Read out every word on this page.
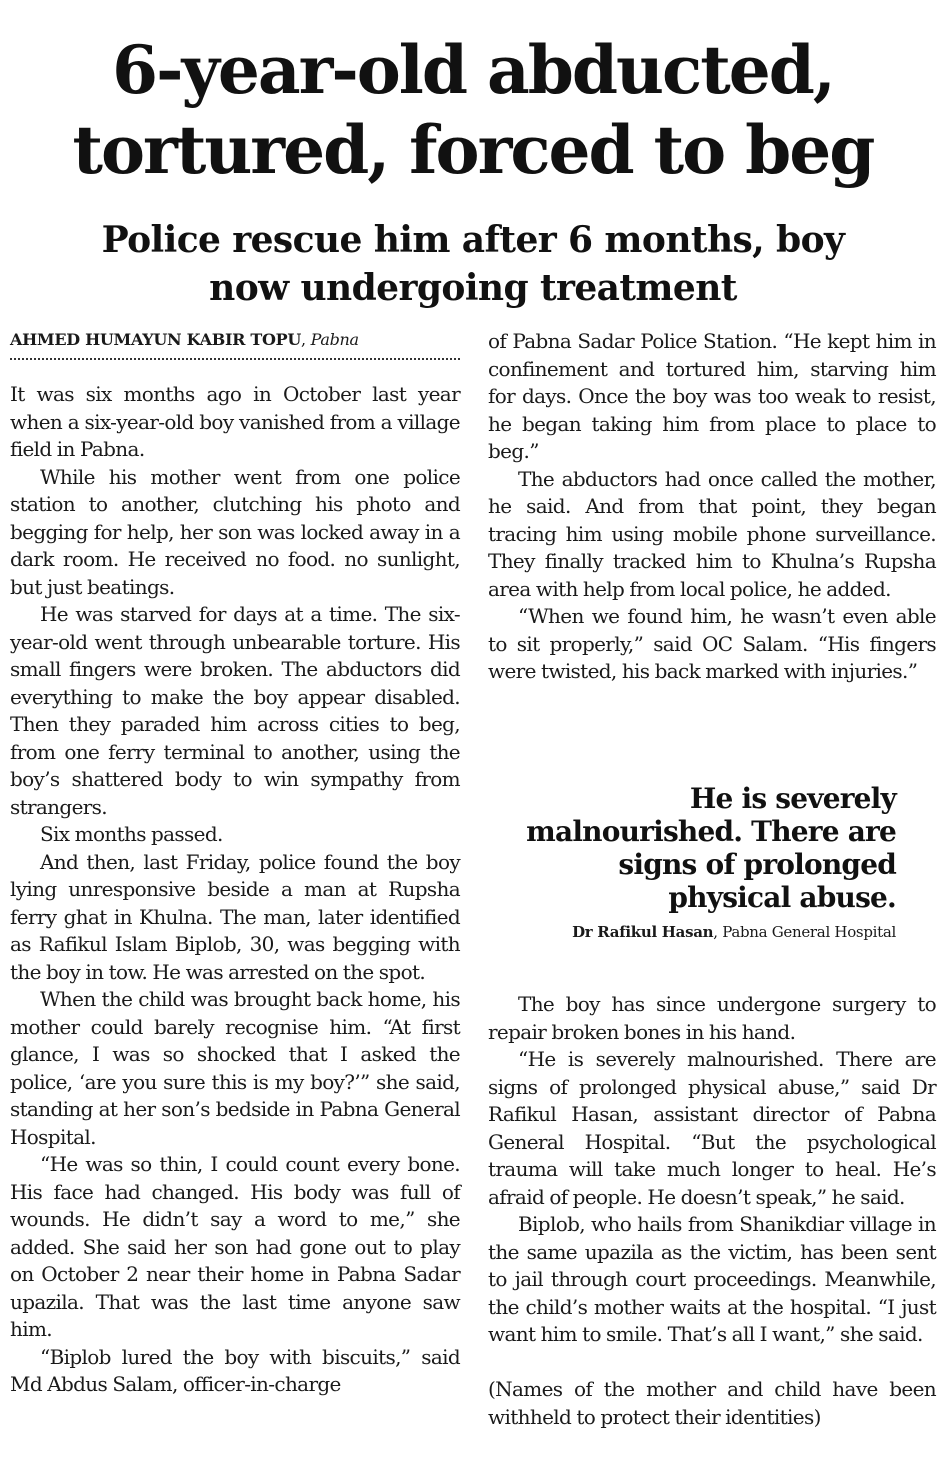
6-year-old abducted,
tortured, forced to beg
Police rescue him after 6 months, boy
now undergoing treatment
AHMED HUMAYUN KABIR TOPU, Pabna

It was six months ago in October last year when a six-year-old boy vanished from a village field in Pabna.

While his mother went from one police station to another, clutching his photo and begging for help, her son was locked away in a dark room. He received no food. no sunlight, but just beatings.

He was starved for days at a time. The six-year-old went through unbearable torture. His small fingers were broken. The abductors did everything to make the boy appear disabled. Then they paraded him across cities to beg, from one ferry terminal to another, using the boy’s shattered body to win sympathy from strangers.

Six months passed.

And then, last Friday, police found the boy lying unresponsive beside a man at Rupsha ferry ghat in Khulna. The man, later identified as Rafikul Islam Biplob, 30, was begging with the boy in tow. He was arrested on the spot.

When the child was brought back home, his mother could barely recognise him. “At first glance, I was so shocked that I asked the police, ‘are you sure this is my boy?’” she said, standing at her son’s bedside in Pabna General Hospital.

“He was so thin, I could count every bone. His face had changed. His body was full of wounds. He didn’t say a word to me,” she added. She said her son had gone out to play on October 2 near their home in Pabna Sadar upazila. That was the last time anyone saw him.

“Biplob lured the boy with biscuits,” said Md Abdus Salam, officer-in-charge

of Pabna Sadar Police Station. “He kept him in confinement and tortured him, starving him for days. Once the boy was too weak to resist, he began taking him from place to place to beg.”

The abductors had once called the mother, he said. And from that point, they began tracing him using mobile phone surveillance. They finally tracked him to Khulna’s Rupsha area with help from local police, he added.

“When we found him, he wasn’t even able to sit properly,” said OC Salam. “His fingers were twisted, his back marked with injuries.”

He is severely malnourished. There are signs of prolonged physical abuse.

Dr Rafikul Hasan, Pabna General Hospital

The boy has since undergone surgery to repair broken bones in his hand.

“He is severely malnourished. There are signs of prolonged physical abuse,” said Dr Rafikul Hasan, assistant director of Pabna General Hospital. “But the psychological trauma will take much longer to heal. He’s afraid of people. He doesn’t speak,” he said.

Biplob, who hails from Shanikdiar village in the same upazila as the victim, has been sent to jail through court proceedings. Meanwhile, the child’s mother waits at the hospital. “I just want him to smile. That’s all I want,” she said.

(Names of the mother and child have been withheld to protect their identities)
